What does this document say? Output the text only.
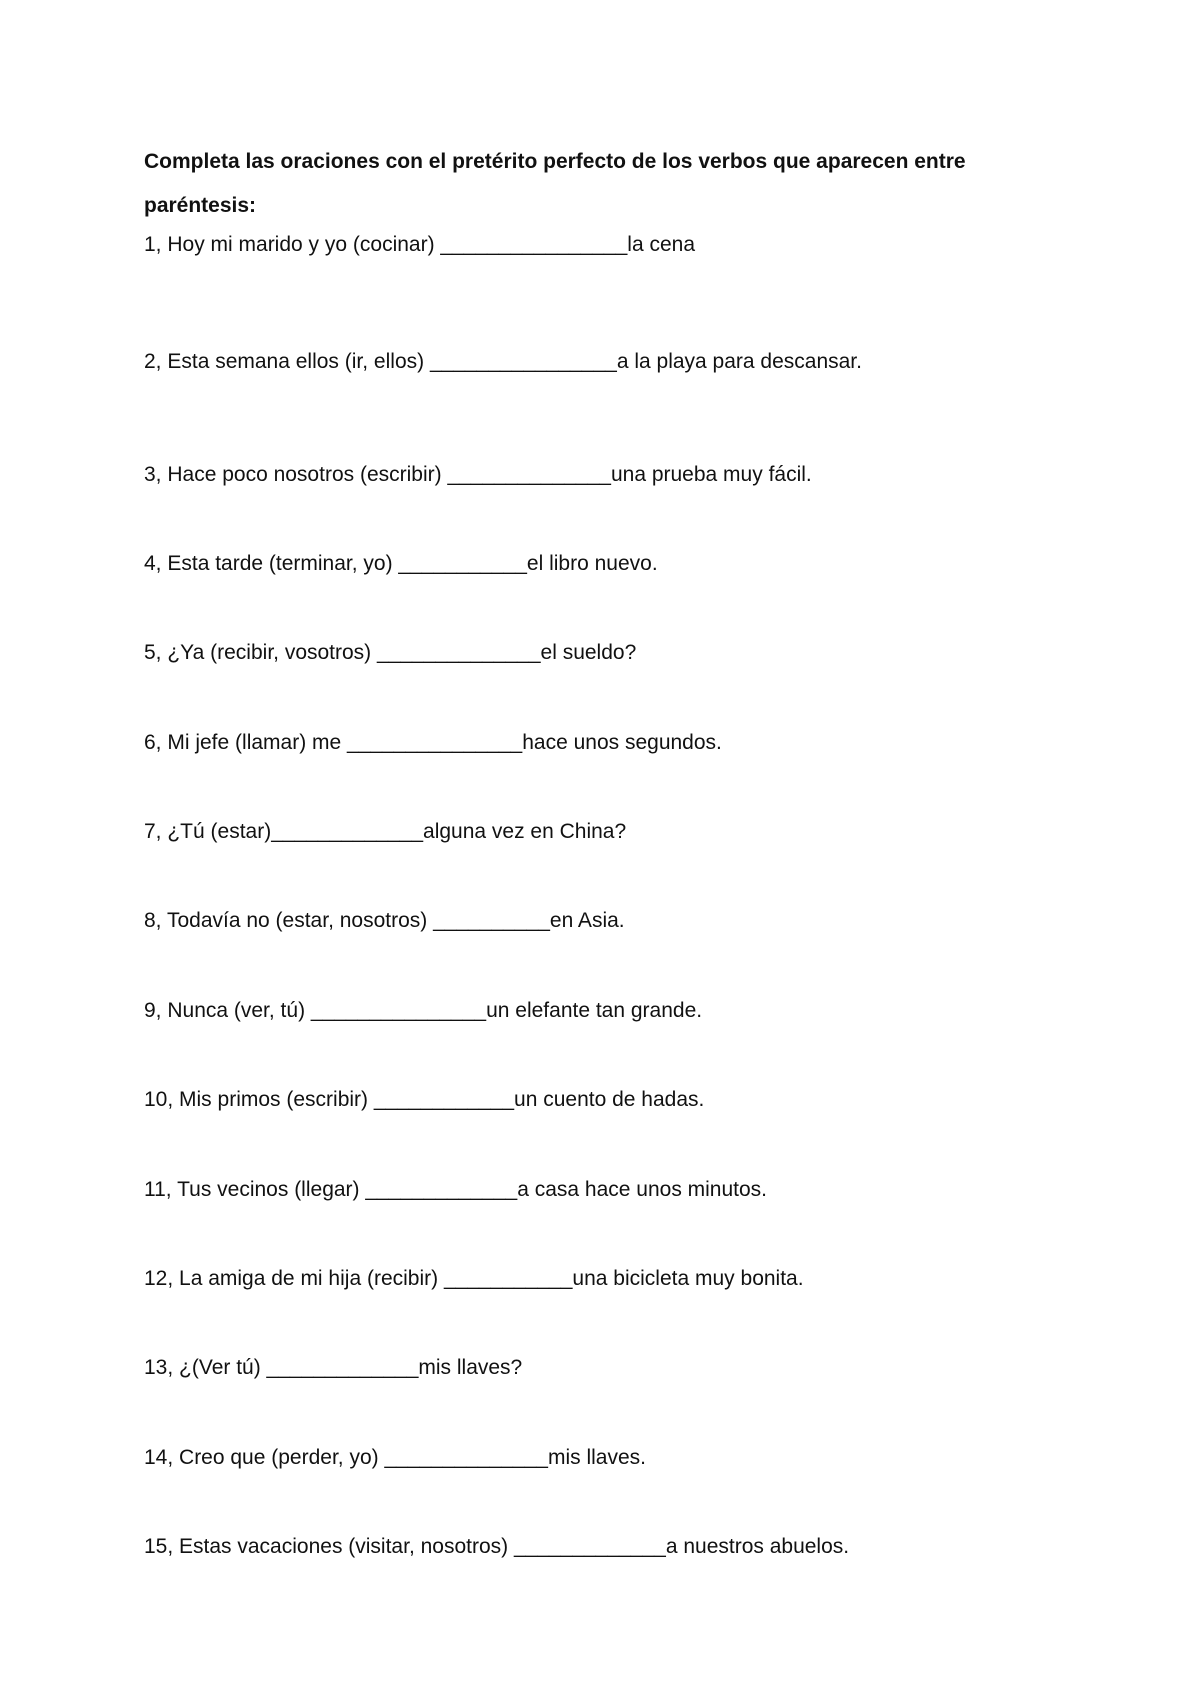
Completa las oraciones con el pretérito perfecto de los verbos que aparecen entre
paréntesis:

1, Hoy mi marido y yo (cocinar) ________________la cena

2, Esta semana ellos (ir, ellos) ________________a la playa para descansar.

3, Hace poco nosotros (escribir) ______________una prueba muy fácil.

4, Esta tarde (terminar, yo) ___________el libro nuevo.

5, ¿Ya (recibir, vosotros) ______________el sueldo?

6, Mi jefe (llamar) me _______________hace unos segundos.

7, ¿Tú (estar)_____________alguna vez en China?

8, Todavía no (estar, nosotros) __________en Asia.

9, Nunca (ver, tú) _______________un elefante tan grande.

10, Mis primos (escribir) ____________un cuento de hadas.

11, Tus vecinos (llegar) _____________a casa hace unos minutos.

12, La amiga de mi hija (recibir) ___________una bicicleta muy bonita.

13, ¿(Ver tú) _____________mis llaves?

14, Creo que (perder, yo) ______________mis llaves.

15, Estas vacaciones (visitar, nosotros) _____________a nuestros abuelos.
